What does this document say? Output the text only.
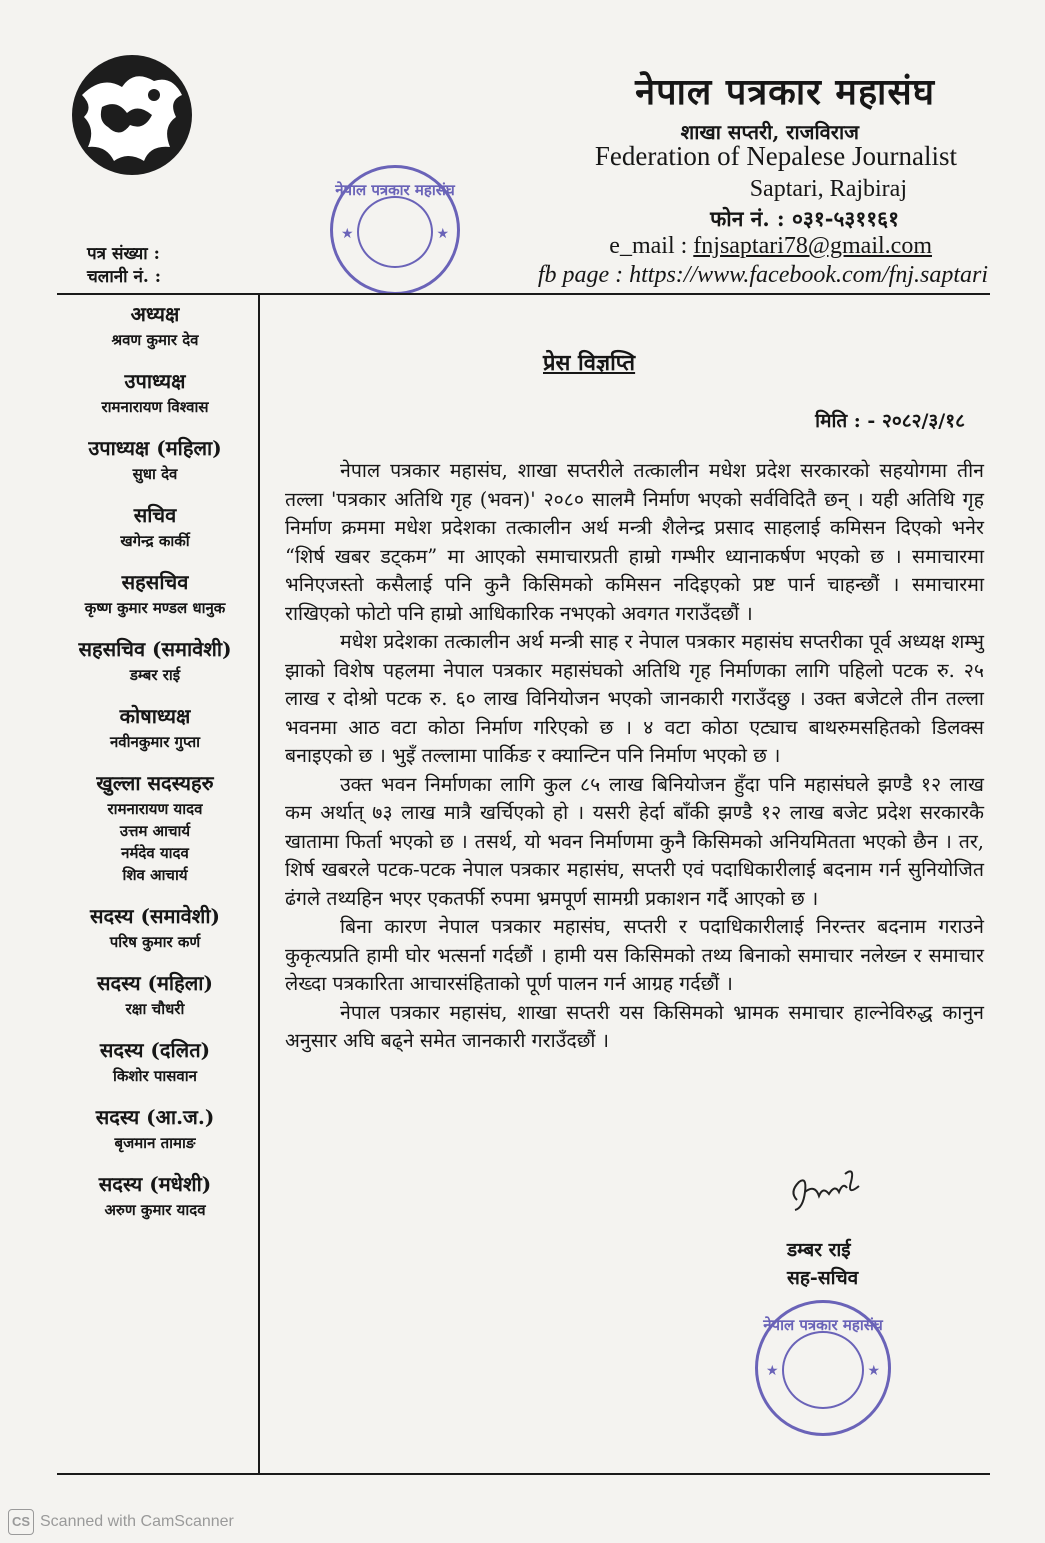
नेपाल पत्रकार महासंघ
★	★
नेपाल पत्रकार महासंघ
शाखा सप्तरी, राजविराज
Federation of Nepalese Journalist
Saptari, Rajbiraj
फोन नं. : ०३१-५३११६१
e_mail : fnjsaptari78@gmail.com
fb page : https://www.facebook.com/fnj.saptari
पत्र संख्या :
चलानी नं. :
अध्यक्ष
श्रवण कुमार देव
उपाध्यक्ष
रामनारायण विश्वास
उपाध्यक्ष (महिला)
सुधा देव
सचिव
खगेन्द्र कार्की
सहसचिव
कृष्ण कुमार मण्डल धानुक
सहसचिव (समावेशी)
डम्बर राई
कोषाध्यक्ष
नवीनकुमार गुप्ता
खुल्ला सदस्यहरु
रामनारायण यादव
उत्तम आचार्य
नर्मदेव यादव
शिव आचार्य
सदस्य (समावेशी)
परिष कुमार कर्ण
सदस्य (महिला)
रक्षा चौधरी
सदस्य (दलित)
किशोर पासवान
सदस्य (आ.ज.)
बृजमान तामाङ
सदस्य (मधेशी)
अरुण कुमार यादव
प्रेस विज्ञप्ति
मिति : - २०८२/३/१८

नेपाल पत्रकार महासंघ, शाखा सप्तरीले तत्कालीन मधेश प्रदेश सरकारको सहयोगमा तीन तल्ला 'पत्रकार अतिथि गृह (भवन)' २०८० सालमै निर्माण भएको सर्वविदितै छन् । यही अतिथि गृह निर्माण क्रममा मधेश प्रदेशका तत्कालीन अर्थ मन्त्री शैलेन्द्र प्रसाद साहलाई कमिसन दिएको भनेर “शिर्ष खबर डट्कम” मा आएको समाचारप्रती हाम्रो गम्भीर ध्यानाकर्षण भएको छ । समाचारमा भनिएजस्तो कसैलाई पनि कुनै किसिमको कमिसन नदिइएको प्रष्ट पार्न चाहन्छौं । समाचारमा राखिएको फोटो पनि हाम्रो आधिकारिक नभएको अवगत गराउँदछौं ।

मधेश प्रदेशका तत्कालीन अर्थ मन्त्री साह र नेपाल पत्रकार महासंघ सप्तरीका पूर्व अध्यक्ष शम्भु झाको विशेष पहलमा नेपाल पत्रकार महासंघको अतिथि गृह निर्माणका लागि पहिलो पटक रु. २५ लाख र दोश्रो पटक रु. ६० लाख विनियोजन भएको जानकारी गराउँदछु । उक्त बजेटले तीन तल्ला भवनमा आठ वटा कोठा निर्माण गरिएको छ । ४ वटा कोठा एट्याच बाथरुमसहितको डिलक्स बनाइएको छ । भुइँ तल्लामा पार्किङ र क्यान्टिन पनि निर्माण भएको छ ।

उक्त भवन निर्माणका लागि कुल ८५ लाख बिनियोजन हुँदा पनि महासंघले झण्डै १२ लाख कम अर्थात् ७३ लाख मात्रै खर्चिएको हो । यसरी हेर्दा बाँकी झण्डै १२ लाख बजेट प्रदेश सरकारकै खातामा फिर्ता भएको छ । तसर्थ, यो भवन निर्माणमा कुनै किसिमको अनियमितता भएको छैन । तर, शिर्ष खबरले पटक-पटक नेपाल पत्रकार महासंघ, सप्तरी एवं पदाधिकारीलाई बदनाम गर्न सुनियोजित ढंगले तथ्यहिन भएर एकतर्फी रुपमा भ्रमपूर्ण सामग्री प्रकाशन गर्दै आएको छ ।

बिना कारण नेपाल पत्रकार महासंघ, सप्तरी र पदाधिकारीलाई निरन्तर बदनाम गराउने कुकृत्यप्रति हामी घोर भत्सर्ना गर्दछौं । हामी यस किसिमको तथ्य बिनाको समाचार नलेख्न र समाचार लेख्दा पत्रकारिता आचारसंहिताको पूर्ण पालन गर्न आग्रह गर्दछौं ।

नेपाल पत्रकार महासंघ, शाखा सप्तरी यस किसिमको भ्रामक समाचार हाल्नेविरुद्ध कानुन अनुसार अघि बढ्ने समेत जानकारी गराउँदछौं ।

डम्बर राई
सह-सचिव
नेपाल पत्रकार महासंघ
★	★
CS Scanned with CamScanner
